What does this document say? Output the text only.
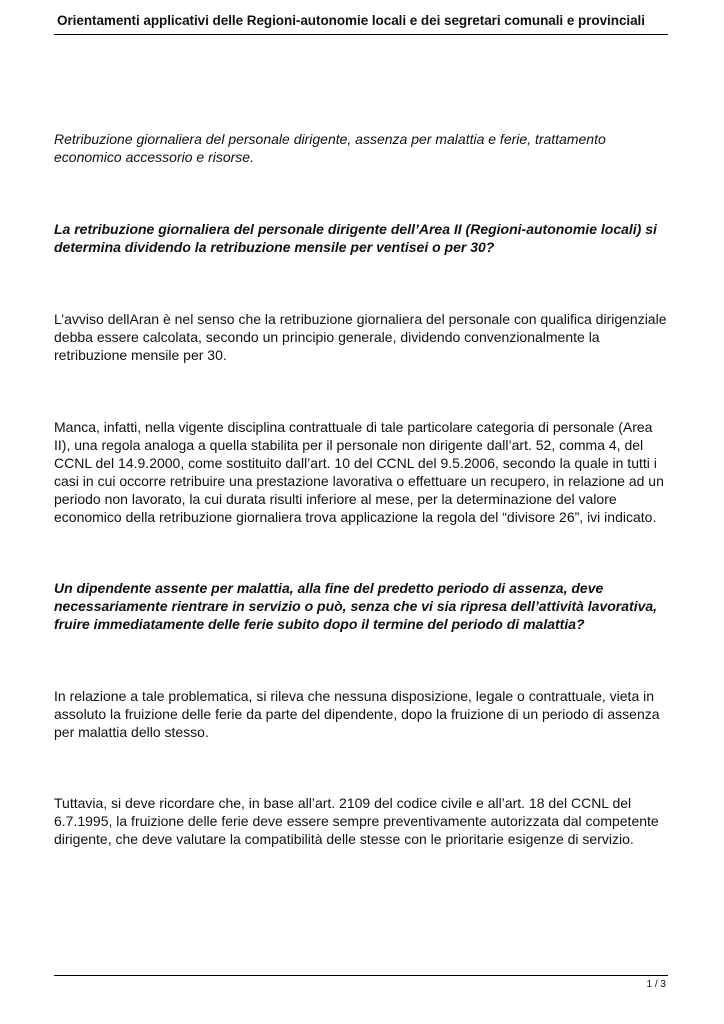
Orientamenti applicativi delle Regioni-autonomie locali e dei segretari comunali e provinciali

Retribuzione giornaliera del personale dirigente, assenza per malattia e ferie, trattamento economico accessorio e risorse.

La retribuzione giornaliera del personale dirigente dell’Area II (Regioni-autonomie locali) si determina dividendo la retribuzione mensile per ventisei o per 30?

L’avviso dellAran è nel senso che la retribuzione giornaliera del personale con qualifica dirigenziale debba essere calcolata, secondo un principio generale, dividendo convenzionalmente la retribuzione mensile per 30.

Manca, infatti, nella vigente disciplina contrattuale di tale particolare categoria di personale (Area II), una regola analoga a quella stabilita per il personale non dirigente dall’art. 52, comma 4, del CCNL del 14.9.2000, come sostituito dall’art. 10 del CCNL del 9.5.2006, secondo la quale in tutti i casi in cui occorre retribuire una prestazione lavorativa o effettuare un recupero, in relazione ad un periodo non lavorato, la cui durata risulti inferiore al mese, per la determinazione del valore economico della retribuzione giornaliera trova applicazione la regola del “divisore 26”, ivi indicato.

Un dipendente assente per malattia, alla fine del predetto periodo di assenza, deve necessariamente rientrare in servizio o può, senza che vi sia ripresa dell’attività lavorativa, fruire immediatamente delle ferie subito dopo il termine del periodo di malattia?

In relazione a tale problematica, si rileva che nessuna disposizione, legale o contrattuale, vieta in assoluto la fruizione delle ferie da parte del dipendente, dopo la fruizione di un periodo di assenza per malattia dello stesso.

Tuttavia, si deve ricordare che, in base all’art. 2109 del codice civile e all’art. 18 del CCNL del 6.7.1995, la fruizione delle ferie deve essere sempre preventivamente autorizzata dal competente dirigente, che deve valutare la compatibilità delle stesse con le prioritarie esigenze di servizio.

1 / 3
